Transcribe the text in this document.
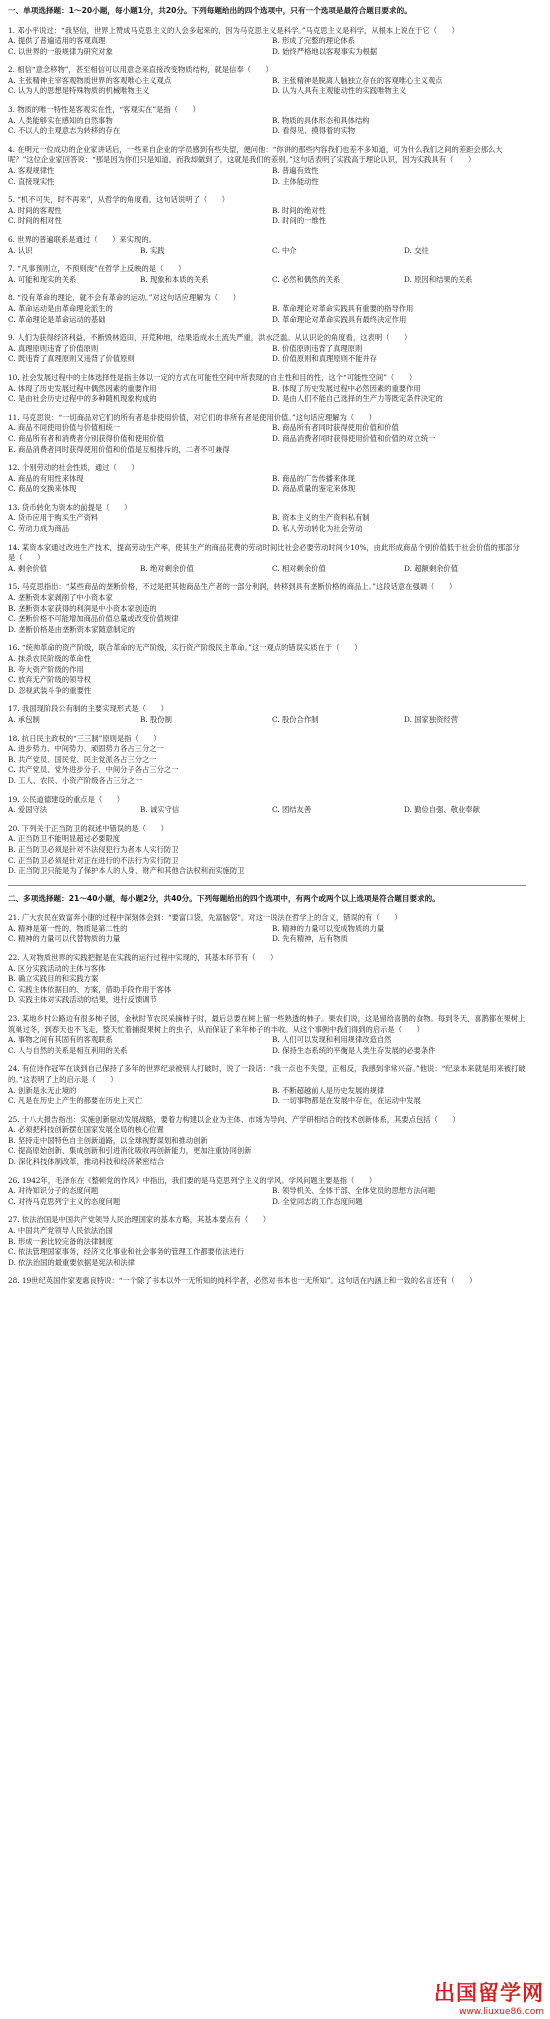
一、单项选择题：1～20小题，每小题1分，共20分。下列每题给出的四个选项中，只有一个选项是最符合题目要求的。
1. 邓小平说过：“我坚信，世界上赞成马克思主义的人会多起来的，因为马克思主义是科学。”马克思主义是科学，从根本上说在于它（　　）
A. 提供了普遍适用的客观真理	B. 形成了完整的理论体系
C. 以世界的一般规律为研究对象	D. 始终严格地以客观事实为根据
2. 相信“意念移物”，甚至相信可以用意念来直接改变物质结构，就是信奉（　　）
A. 主张精神主宰客观物质世界的客观唯心主义观点	B. 主张精神是脱离人脑独立存在的客观唯心主义观点
C. 认为人的思想是特殊物质的机械唯物主义	D. 认为人具有主观能动性的实践唯物主义
3. 物质的唯一特性是客观实在性，“客观实在”是指（　　）
A. 人类能够实在感知的自然事物	B. 物质的具体形态和具体结构
C. 不以人的主观意志为转移的存在	D. 看得见、摸得着的实物
4. 在明元一位成功的企业家讲话后，一些来自企业的学员感到有些失望，便问他：“你讲的那些内容我们也差不多知道，可为什么我们之间的差距会那么大呢？”这位企业家回答说：“那是因为你们只是知道，而我却做到了，这就是我们的差别。”这句话表明了实践高于理论认识，因为实践具有（　　）
A. 客观规律性	B. 普遍有效性
C. 直接现实性	D. 主体能动性
5. “机不可失，时不再来”，从哲学的角度看，这句话说明了（　　）
A. 时间的客观性	B. 时间的绝对性
C. 时间的相对性	D. 时间的一维性
6. 世界的普遍联系是通过（　　）来实现的。
A. 认识	B. 实践	C. 中介	D. 交往
7. “凡事预则立，不预则废”在哲学上反映的是（　　）
A. 可能和现实的关系	B. 现象和本质的关系	C. 必然和偶然的关系	D. 原因和结果的关系
8. “没有革命的理论，就不会有革命的运动。”对这句话应理解为（　　）
A. 革命运动是由革命理论派生的	B. 革命理论对革命实践具有重要的指导作用
C. 革命理论是革命运动的基础	D. 革命理论对革命实践具有最终决定作用
9. 人们为获得经济利益，不断毁林造田，开荒种地，结果造成水土流失严重，洪水泛滥。从认识论的角度看，这表明（　　）
A. 真理原则违背了价值原则	B. 价值原则违背了真理原则
C. 既违背了真理原则又违背了价值原则	D. 价值原则和真理原则不能并存
10. 社会发展过程中的主体选择性是指主体以一定的方式在可能性空间中所表现的自主性和目的性，这个“可能性空间”（　　）
A. 体现了历史发展过程中偶然因素的重要作用	B. 体现了历史发展过程中必然因素的重要作用
C. 是由社会历史过程中的多种随机现象构成的	D. 是由人们不能自己选择的生产力等既定条件决定的
11. 马克思说：“一切商品对它们的所有者是非使用价值，对它们的非所有者是使用价值。”这句话应理解为（　　）
A. 商品不同使用价值与价值相统一	B. 商品所有者同时获得使用价值和价值
C. 商品所有者和消费者分别获得价值和使用价值	D. 商品消费者同时获得使用价值和价值的对立统一
E. 商品消费者同时获得使用价值和价值是互相排斥的，二者不可兼得
12. 个别劳动的社会性质，通过（　　）
A. 商品的有用性来体现	B. 商品的广告传播来体现
C. 商品的交换来体现	D. 商品质量的鉴定来体现
13. 货币转化为资本的前提是（　　）
A. 货币应用于购买生产资料	B. 资本主义的生产资料私有制
C. 劳动力成为商品	D. 私人劳动转化为社会劳动
14. 某资本家通过改进生产技术，提高劳动生产率，使其生产的商品花费的劳动时间比社会必要劳动时间少10%，由此形成商品个别价值低于社会价值的那部分是（　　）
A. 剩余价值	B. 绝对剩余价值	C. 相对剩余价值	D. 超额剩余价值
15. 马克思指出：“某些商品的垄断价格，不过是把其他商品生产者的一部分利润，转移到具有垄断价格的商品上。”这段话意在强调（　　）
A. 垄断资本家剥削了中小资本家
B. 垄断资本家获得的利润是中小资本家创造的
C. 垄断价格不可能增加商品价值总量或改变价值规律
D. 垄断价格是由垄断资本家随意制定的
16. “统帅革命的资产阶级，联合革命的无产阶级，实行资产阶级民主革命。”这一观点的错误实质在于（　　）
A. 抹杀农民阶级的革命性
B. 夸大资产阶级的作用
C. 放弃无产阶级的领导权
D. 忽视武装斗争的重要性
17. 我国现阶段公有制的主要实现形式是（　　）
A. 承包制	B. 股份制	C. 股份合作制	D. 国家独资经营
18. 抗日民主政权的“三三制”原则是指（　　）
A. 进步势力、中间势力、顽固势力各占三分之一
B. 共产党员、国民党、民主党派各占三分之一
C. 共产党员、党外进步分子、中间分子各占三分之一
D. 工人、农民、小资产阶级各占三分之一
19. 公民道德建设的重点是（　　）
A. 爱国守法	B. 诚实守信	C. 团结友善	D. 勤俭自强、敬业奉献
20. 下列关于正当防卫的叙述中错误的是（　　）
A. 正当防卫不能明显超过必要限度
B. 正当防卫必须是针对不法侵犯行为者本人实行防卫
C. 正当防卫必须是针对正在进行的不法行为实行防卫
D. 正当防卫只能是为了保护本人的人身、财产和其他合法权利而实施防卫
二、多项选择题：21～40小题，每小题2分，共40分。下列每题给出的四个选项中，有两个或两个以上选项是符合题目要求的。
21. 广大农民在致富奔小康的过程中深刻体会到：“要富口袋，先富脑袋”。对这一说法在哲学上的含义，错误的有（　　）
A. 精神是第一性的，物质是第二性的	B. 精神的力量可以变成物质的力量
C. 精神的力量可以代替物质的力量	D. 先有精神，后有物质
22. 人对物质世界的实践把握是在实践的运行过程中实现的，其基本环节有（　　）
A. 区分实践活动的主体与客体
B. 确立实践目的和实践方案
C. 实践主体依据目的、方案，借助手段作用于客体
D. 实践主体对实践活动的结果，进行反馈调节
23. 某地乡村公路边有很多柿子园，金秋时节农民采摘柿子时，最后总要在树上留一些熟透的柿子。果农们说，这是留给喜鹊的食物。每到冬天，喜鹊都在果树上筑巢过冬，到春天也不飞走，整天忙着捕捉果树上的虫子，从而保证了来年柿子的丰收。从这个事例中我们得到的启示是（　　）
A. 事物之间有其固有的客观联系	B. 人们可以发现和利用规律改造自然
C. 人与自然的关系是相互利用的关系	D. 保持生态系统的平衡是人类生存发展的必要条件
24. 有位诗作冠军在谈到自己保持了多年的世界纪录被别人打破时，说了一段话：“我一点也不失望，正相反，我感到非常兴奋。”他说：“纪录本来就是用来被打破的。”这表明了上的启示是（　　）
A. 创新是永无止境的	B. 不断超越前人是历史发展的规律
C. 凡是在历史上产生的都要在历史上灭亡	D. 一切事物都是在发展中存在，在运动中发展
25. 十八大报告指出：实施创新驱动发展战略，要着力构建以企业为主体、市场为导向、产学研相结合的技术创新体系，其要点包括（　　）
A. 必须把科技创新摆在国家发展全局的核心位置
B. 坚持走中国特色自主创新道路，以全球视野谋划和推动创新
C. 提高原始创新、集成创新和引进消化吸收再创新能力，更加注重协同创新
D. 深化科技体制改革，推动科技和经济紧密结合
26. 1942年，毛泽东在《整顿党的作风》中指出，我们要的是马克思列宁主义的学风。学风问题主要是指（　　）
A. 对待知识分子的态度问题	B. 领导机关、全体干部、全体党员的思想方法问题
C. 对待马克思列宁主义的态度问题	D. 全党同志的工作态度问题
27. 依法治国是中国共产党领导人民治理国家的基本方略，其基本要点有（　　）
A. 中国共产党领导人民依法治国
B. 形成一套比较完备的法律制度
C. 依法管理国家事务，经济文化事业和社会事务的管理工作都要依法进行
D. 依法治国的最重要依据是宪法和法律
28. 19世纪英国作家麦惠良特说：“一个除了书本以外一无所知的纯科学者，必然对书本也一无所知”。这句话在内涵上和一致的名言还有（　　）
出国留学网
www.liuxue86.com
